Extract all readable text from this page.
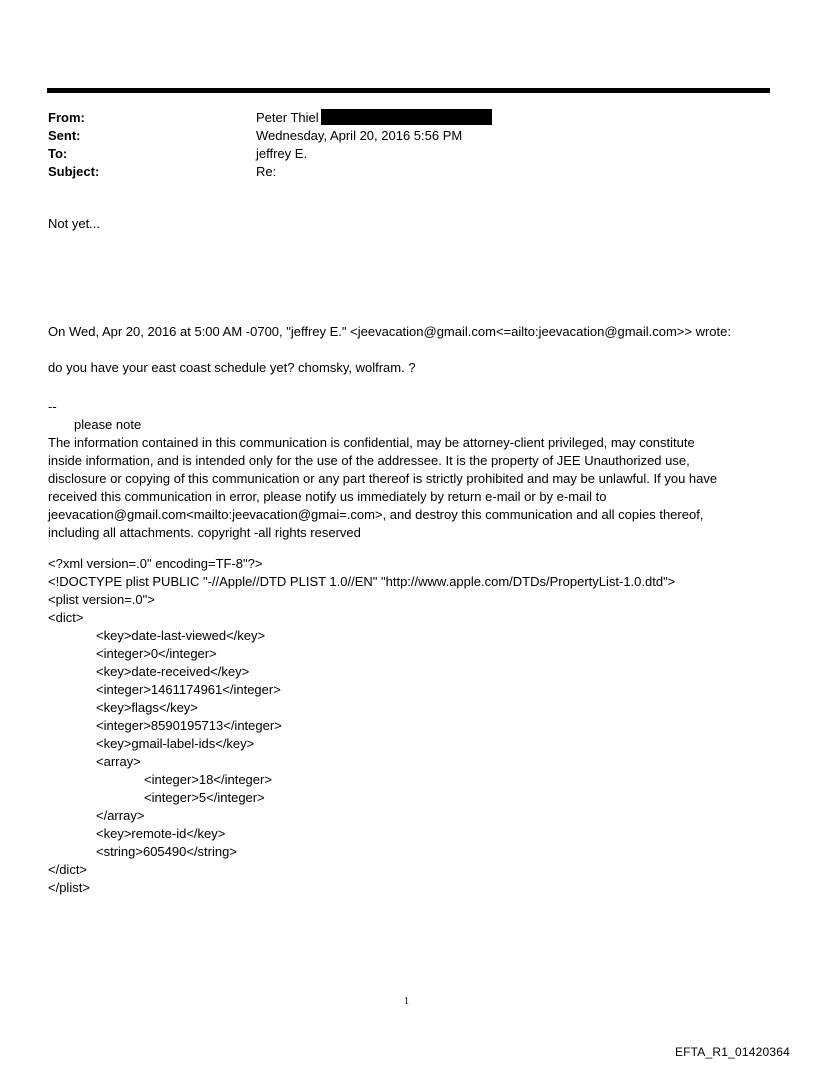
From:	Peter Thiel
Sent:	Wednesday, April 20, 2016 5:56 PM
To:	jeffrey E.
Subject:	Re:
Not yet...
On Wed, Apr 20, 2016 at 5:00 AM -0700, "jeffrey E." <jeevacation@gmail.com<=ailto:jeevacation@gmail.com>> wrote:
do you have your east coast schedule yet? chomsky, wolfram. ?
--
please note
The information contained in this communication is confidential, may be attorney-client privileged, may constitute
inside information, and is intended only for the use of the addressee. It is the property of JEE Unauthorized use,
disclosure or copying of this communication or any part thereof is strictly prohibited and may be unlawful. If you have
received this communication in error, please notify us immediately by return e-mail or by e-mail to
jeevacation@gmail.com<mailto:jeevacation@gmai=.com>, and destroy this communication and all copies thereof,
including all attachments. copyright -all rights reserved
<?xml version=.0" encoding=TF-8"?>
<!DOCTYPE plist PUBLIC "-//Apple//DTD PLIST 1.0//EN" "http://www.apple.com/DTDs/PropertyList-1.0.dtd">
<plist version=.0">
<dict>
<key>date-last-viewed</key>
<integer>0</integer>
<key>date-received</key>
<integer>1461174961</integer>
<key>flags</key>
<integer>8590195713</integer>
<key>gmail-label-ids</key>
<array>
<integer>18</integer>
<integer>5</integer>
</array>
<key>remote-id</key>
<string>605490</string>
</dict>
</plist>
1
EFTA_R1_01420364
